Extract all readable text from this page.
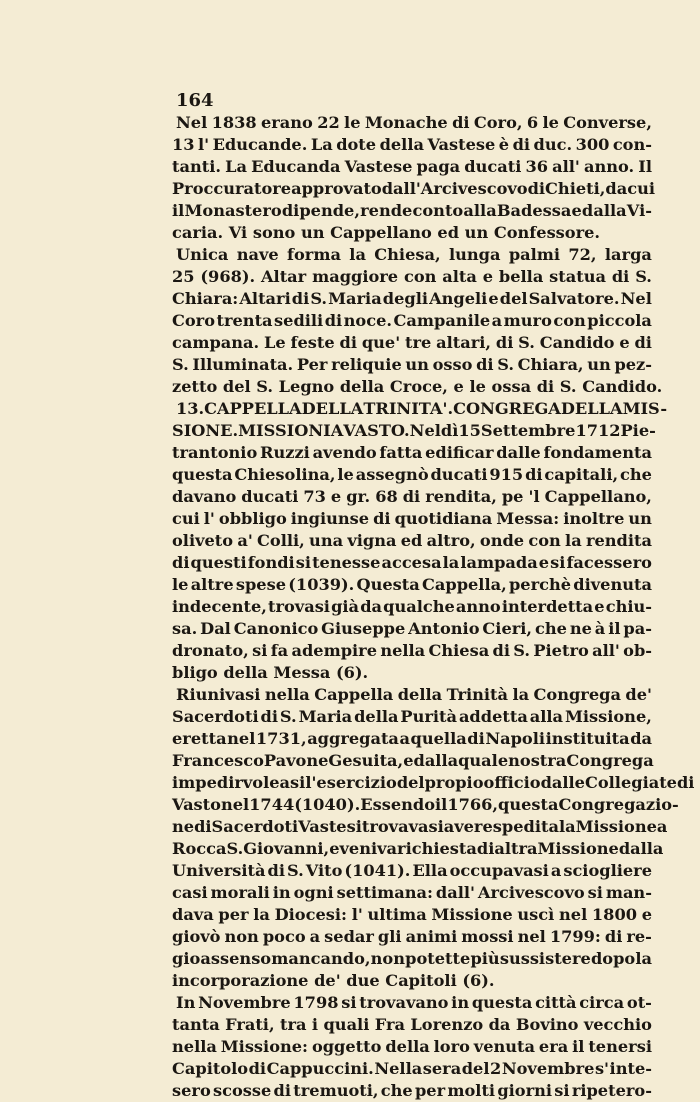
164
Nel 1838 erano 22 le Monache di Coro, 6 le Converse,
13 l' Educande. La dote della Vastese è di duc. 300 con-
tanti. La Educanda Vastese paga ducati 36 all' anno. Il
Proccuratore approvato dall'Arcivescovo di Chieti, da cui
il Monastero dipende, rende conto alla Badessa ed alla Vi-
caria. Vi sono un Cappellano ed un Confessore.
Unica nave forma la Chiesa, lunga palmi 72, larga
25 (968). Altar maggiore con alta e bella statua di S.
Chiara: Altari di S. Maria degli Angeli e del Salvatore. Nel
Coro trenta sedili di noce. Campanile a muro con piccola
campana. Le feste di que' tre altari, di S. Candido e di
S. Illuminata. Per reliquie un osso di S. Chiara, un pez-
zetto del S. Legno della Croce, e le ossa di S. Candido.
13. CAPPELLA DELLA TRINITA'. CONGREGA DELLA MIS-
SIONE. MISSIONI A VASTO. Nel dì 15 Settembre 1712 Pie-
trantonio Ruzzi avendo fatta edificar dalle fondamenta
questa Chiesolina, le assegnò ducati 915 di capitali, che
davano ducati 73 e gr. 68 di rendita, pe 'l Cappellano,
cui l' obbligo ingiunse di quotidiana Messa: inoltre un
oliveto a' Colli, una vigna ed altro, onde con la rendita
di questi fondi si tenesse accesa la lampada e si facessero
le altre spese (1039). Questa Cappella, perchè divenuta
indecente, trovasi già da qualche anno interdetta e chiu-
sa. Dal Canonico Giuseppe Antonio Cieri, che ne à il pa-
dronato, si fa adempire nella Chiesa di S. Pietro all' ob-
bligo della Messa (6).
Riunivasi nella Cappella della Trinità la Congrega de'
Sacerdoti di S. Maria della Purità addetta alla Missione,
eretta nel 1731, aggregata a quella di Napoli instituita da
Francesco Pavone Gesuita, ed alla quale nostra Congrega
impedir voleasi l'esercizio del propio officio dalle Collegiate di
Vasto nel 1744 (1040). Essendo il 1766, questa Congregazio-
ne di Sacerdoti Vastesi trovavasi avere spedita la Missione a
Rocca S. Giovanni, e veniva richiesta di altra Missione dalla
Università di S. Vito (1041). Ella occupavasi a sciogliere
casi morali in ogni settimana: dall' Arcivescovo si man-
dava per la Diocesi: l' ultima Missione uscì nel 1800 e
giovò non poco a sedar gli animi mossi nel 1799: di re-
gio assenso mancando, non potette più sussistere dopo la
incorporazione de' due Capitoli (6).
In Novembre 1798 si trovavano in questa città circa ot-
tanta Frati, tra i quali Fra Lorenzo da Bovino vecchio
nella Missione: oggetto della loro venuta era il tenersi
Capitolo di Cappuccini. Nella sera del 2 Novembre s' inte-
sero scosse di tremuoti, che per molti giorni si ripetero-
